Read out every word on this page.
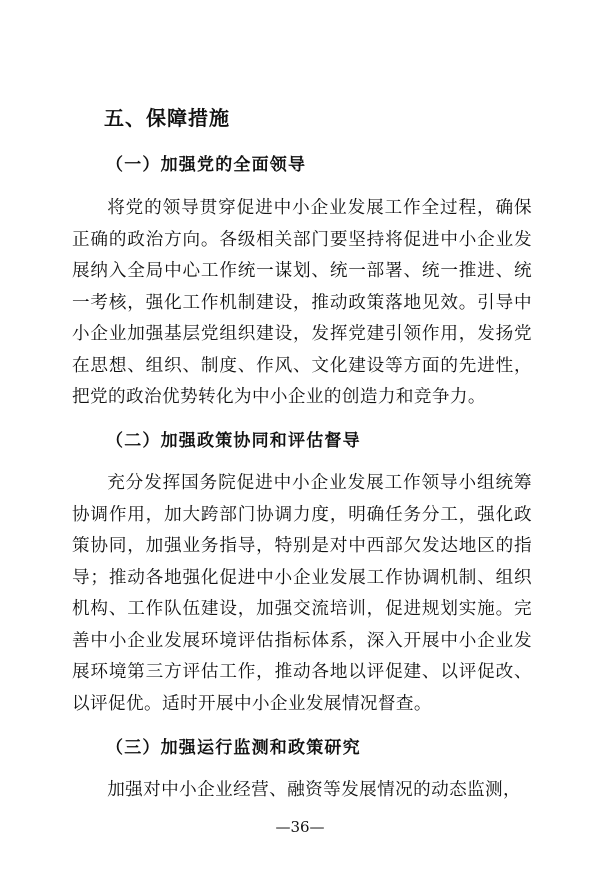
五、保障措施
（一）加强党的全面领导

将党的领导贯穿促进中小企业发展工作全过程，确保正确的政治方向。各级相关部门要坚持将促进中小企业发展纳入全局中心工作统一谋划、统一部署、统一推进、统一考核，强化工作机制建设，推动政策落地见效。引导中小企业加强基层党组织建设，发挥党建引领作用，发扬党在思想、组织、制度、作风、文化建设等方面的先进性，把党的政治优势转化为中小企业的创造力和竞争力。

（二）加强政策协同和评估督导

充分发挥国务院促进中小企业发展工作领导小组统筹协调作用，加大跨部门协调力度，明确任务分工，强化政策协同，加强业务指导，特别是对中西部欠发达地区的指导；推动各地强化促进中小企业发展工作协调机制、组织机构、工作队伍建设，加强交流培训，促进规划实施。完善中小企业发展环境评估指标体系，深入开展中小企业发展环境第三方评估工作，推动各地以评促建、以评促改、以评促优。适时开展中小企业发展情况督查。

（三）加强运行监测和政策研究

加强对中小企业经营、融资等发展情况的动态监测，

—36—
